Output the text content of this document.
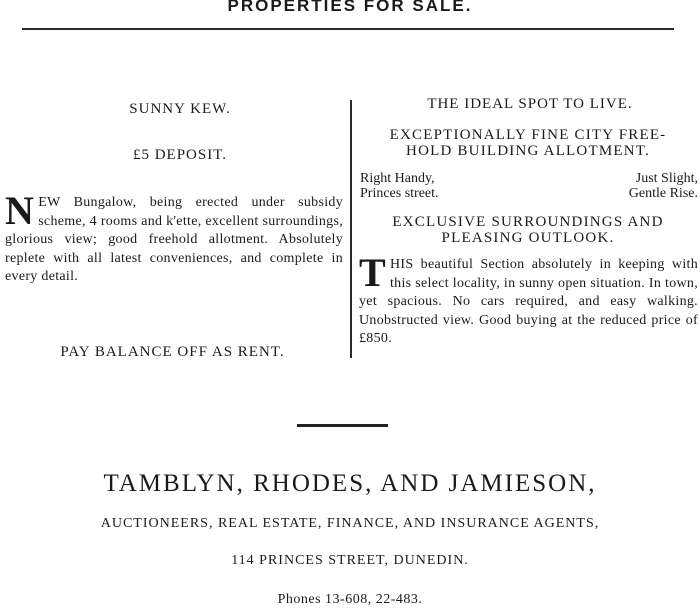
PROPERTIES FOR SALE.
SUNNY KEW.
£5 DEPOSIT.
N EW Bungalow, being erected under subsidy scheme, 4 rooms and k'ette, excellent surroundings, glorious view; good freehold allotment. Absolutely replete with all latest conveniences, and complete in every detail.
PAY BALANCE OFF AS RENT.
THE IDEAL SPOT TO LIVE.
EXCEPTIONALLY FINE CITY FREE-
HOLD BUILDING ALLOTMENT.
Right Handy,	Just Slight,
Princes street.	Gentle Rise.
EXCLUSIVE SURROUNDINGS AND
PLEASING OUTLOOK.
T HIS beautiful Section absolutely in keeping with this select locality, in sunny open situation. In town, yet spacious. No cars required, and easy walking. Unobstructed view. Good buying at the reduced price of £850.
TAMBLYN, RHODES, AND JAMIESON,
AUCTIONEERS, REAL ESTATE, FINANCE, AND INSURANCE AGENTS,
114 PRINCES STREET, DUNEDIN.
Phones 13-608, 22-483.
